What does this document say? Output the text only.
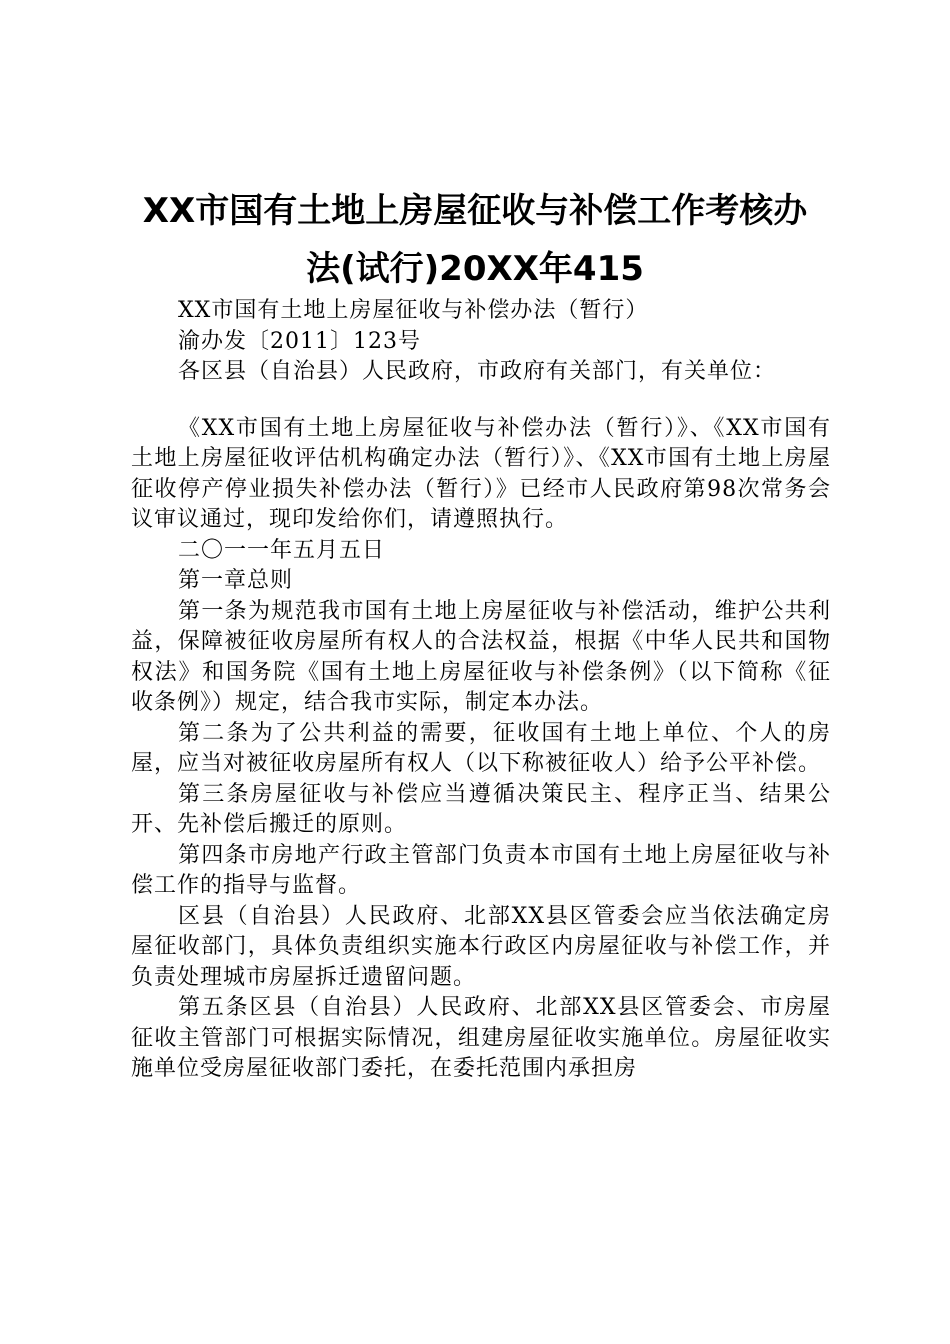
XX市国有土地上房屋征收与补偿工作考核办
法(试行)20XX年415

XX市国有土地上房屋征收与补偿办法（暂行）

渝办发〔2011〕123号

各区县（自治县）人民政府，市政府有关部门，有关单位：

《XX市国有土地上房屋征收与补偿办法（暂行）》、《XX市国有土地上房屋征收评估机构确定办法（暂行）》、《XX市国有土地上房屋征收停产停业损失补偿办法（暂行）》已经市人民政府第98次常务会议审议通过，现印发给你们，请遵照执行。

二〇一一年五月五日

第一章总则

第一条为规范我市国有土地上房屋征收与补偿活动，维护公共利益，保障被征收房屋所有权人的合法权益，根据《中华人民共和国物权法》和国务院《国有土地上房屋征收与补偿条例》（以下简称《征收条例》）规定，结合我市实际，制定本办法。

第二条为了公共利益的需要，征收国有土地上单位、个人的房屋，应当对被征收房屋所有权人（以下称被征收人）给予公平补偿。

第三条房屋征收与补偿应当遵循决策民主、程序正当、结果公开、先补偿后搬迁的原则。

第四条市房地产行政主管部门负责本市国有土地上房屋征收与补偿工作的指导与监督。

区县（自治县）人民政府、北部XX县区管委会应当依法确定房屋征收部门，具体负责组织实施本行政区内房屋征收与补偿工作，并负责处理城市房屋拆迁遗留问题。

第五条区县（自治县）人民政府、北部XX县区管委会、市房屋征收主管部门可根据实际情况，组建房屋征收实施单位。房屋征收实施单位受房屋征收部门委托，在委托范围内承担房
